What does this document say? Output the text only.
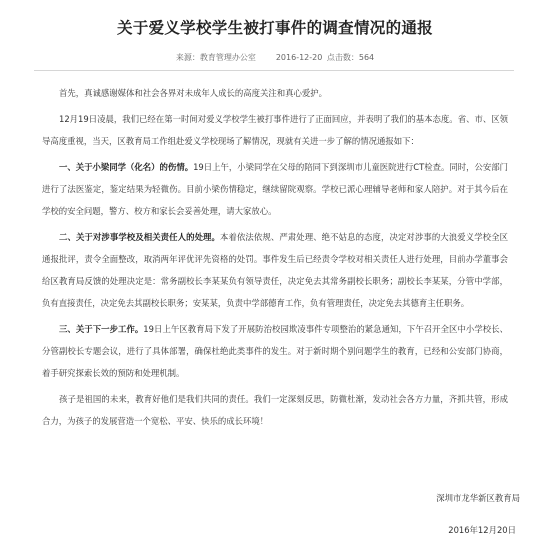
关于爱义学校学生被打事件的调查情况的通报
来源：教育管理办公室	2016-12-20 点击数：564

首先，真诚感谢媒体和社会各界对未成年人成长的高度关注和真心爱护。

12月19日凌晨，我们已经在第一时间对爱义学校学生被打事件进行了正面回应，并表明了我们的基本态度。省、市、区领导高度重视，当天，区教育局工作组赴爱义学校现场了解情况，现就有关进一步了解的情况通报如下：

一、关于小梁同学（化名）的伤情。19日上午，小梁同学在父母的陪同下到深圳市儿童医院进行CT检查。同时，公安部门进行了法医鉴定，鉴定结果为轻微伤。目前小梁伤情稳定，继续留院观察。学校已派心理辅导老师和家人陪护。对于其今后在学校的安全问题，警方、校方和家长会妥善处理，请大家放心。

二、关于对涉事学校及相关责任人的处理。本着依法依规、严肃处理、绝不姑息的态度，决定对涉事的大浪爱义学校全区通报批评，责令全面整改，取消两年评优评先资格的处罚。事件发生后已经责令学校对相关责任人进行处理，目前办学董事会给区教育局反馈的处理决定是：常务副校长李某某负有领导责任，决定免去其常务副校长职务；副校长李某某，分管中学部，负有直接责任，决定免去其副校长职务；安某某，负责中学部德育工作，负有管理责任，决定免去其德育主任职务。

三、关于下一步工作。19日上午区教育局下发了开展防治校园欺凌事件专项整治的紧急通知，下午召开全区中小学校长、分管副校长专题会议，进行了具体部署，确保杜绝此类事件的发生。对于新时期个别问题学生的教育，已经和公安部门协商，着手研究探索长效的预防和处理机制。

孩子是祖国的未来，教育好他们是我们共同的责任。我们一定深刻反思，防微杜渐，发动社会各方力量，齐抓共管，形成合力，为孩子的发展营造一个宽松、平安、快乐的成长环境！

深圳市龙华新区教育局
2016年12月20日
